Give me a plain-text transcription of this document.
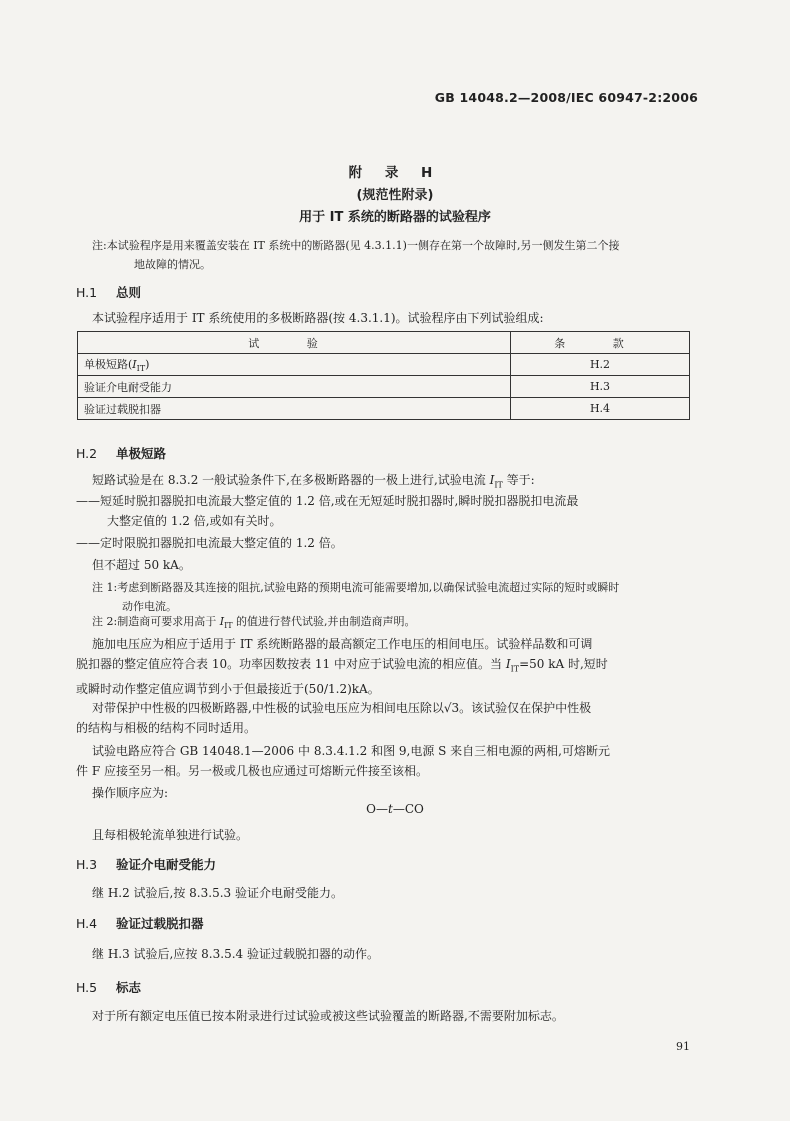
GB 14048.2—2008/IEC 60947-2:2006
附 录 H
(规范性附录)
用于 IT 系统的断路器的试验程序
注:本试验程序是用来覆盖安装在 IT 系统中的断路器(见 4.3.1.1)一侧存在第一个故障时,另一侧发生第二个接
地故障的情况。
H.1 总则
本试验程序适用于 IT 系统使用的多极断路器(按 4.3.1.1)。试验程序由下列试验组成:
试 验	条 款
单极短路$(I_{IT})$	H.2
验证介电耐受能力	H.3
验证过载脱扣器	H.4
H.2 单极短路
短路试验是在 8.3.2 一般试验条件下,在多极断路器的一极上进行,试验电流 $I_{IT}$ 等于:
——短延时脱扣器脱扣电流最大整定值的 1.2 倍,或在无短延时脱扣器时,瞬时脱扣器脱扣电流最
大整定值的 1.2 倍,或如有关时。
——定时限脱扣器脱扣电流最大整定值的 1.2 倍。
但不超过 50 kA。
注 1:考虑到断路器及其连接的阻抗,试验电路的预期电流可能需要增加,以确保试验电流超过实际的短时或瞬时
动作电流。
注 2:制造商可要求用高于 $I_{IT}$ 的值进行替代试验,并由制造商声明。
施加电压应为相应于适用于 IT 系统断路器的最高额定工作电压的相间电压。试验样品数和可调
脱扣器的整定值应符合表 10。功率因数按表 11 中对应于试验电流的相应值。当 $I_{IT}=50$ kA 时,短时
或瞬时动作整定值应调节到小于但最接近于(50/1.2)kA。
对带保护中性极的四极断路器,中性极的试验电压应为相间电压除以√3。该试验仅在保护中性极
的结构与相极的结构不同时适用。
试验电路应符合 GB 14048.1—2006 中 8.3.4.1.2 和图 9,电源 S 来自三相电源的两相,可熔断元
件 F 应接至另一相。另一极或几极也应通过可熔断元件接至该相。
操作顺序应为:
O—t—CO
且每相极轮流单独进行试验。
H.3 验证介电耐受能力
继 H.2 试验后,按 8.3.5.3 验证介电耐受能力。
H.4 验证过载脱扣器
继 H.3 试验后,应按 8.3.5.4 验证过载脱扣器的动作。
H.5 标志
对于所有额定电压值已按本附录进行过试验或被这些试验覆盖的断路器,不需要附加标志。
91
